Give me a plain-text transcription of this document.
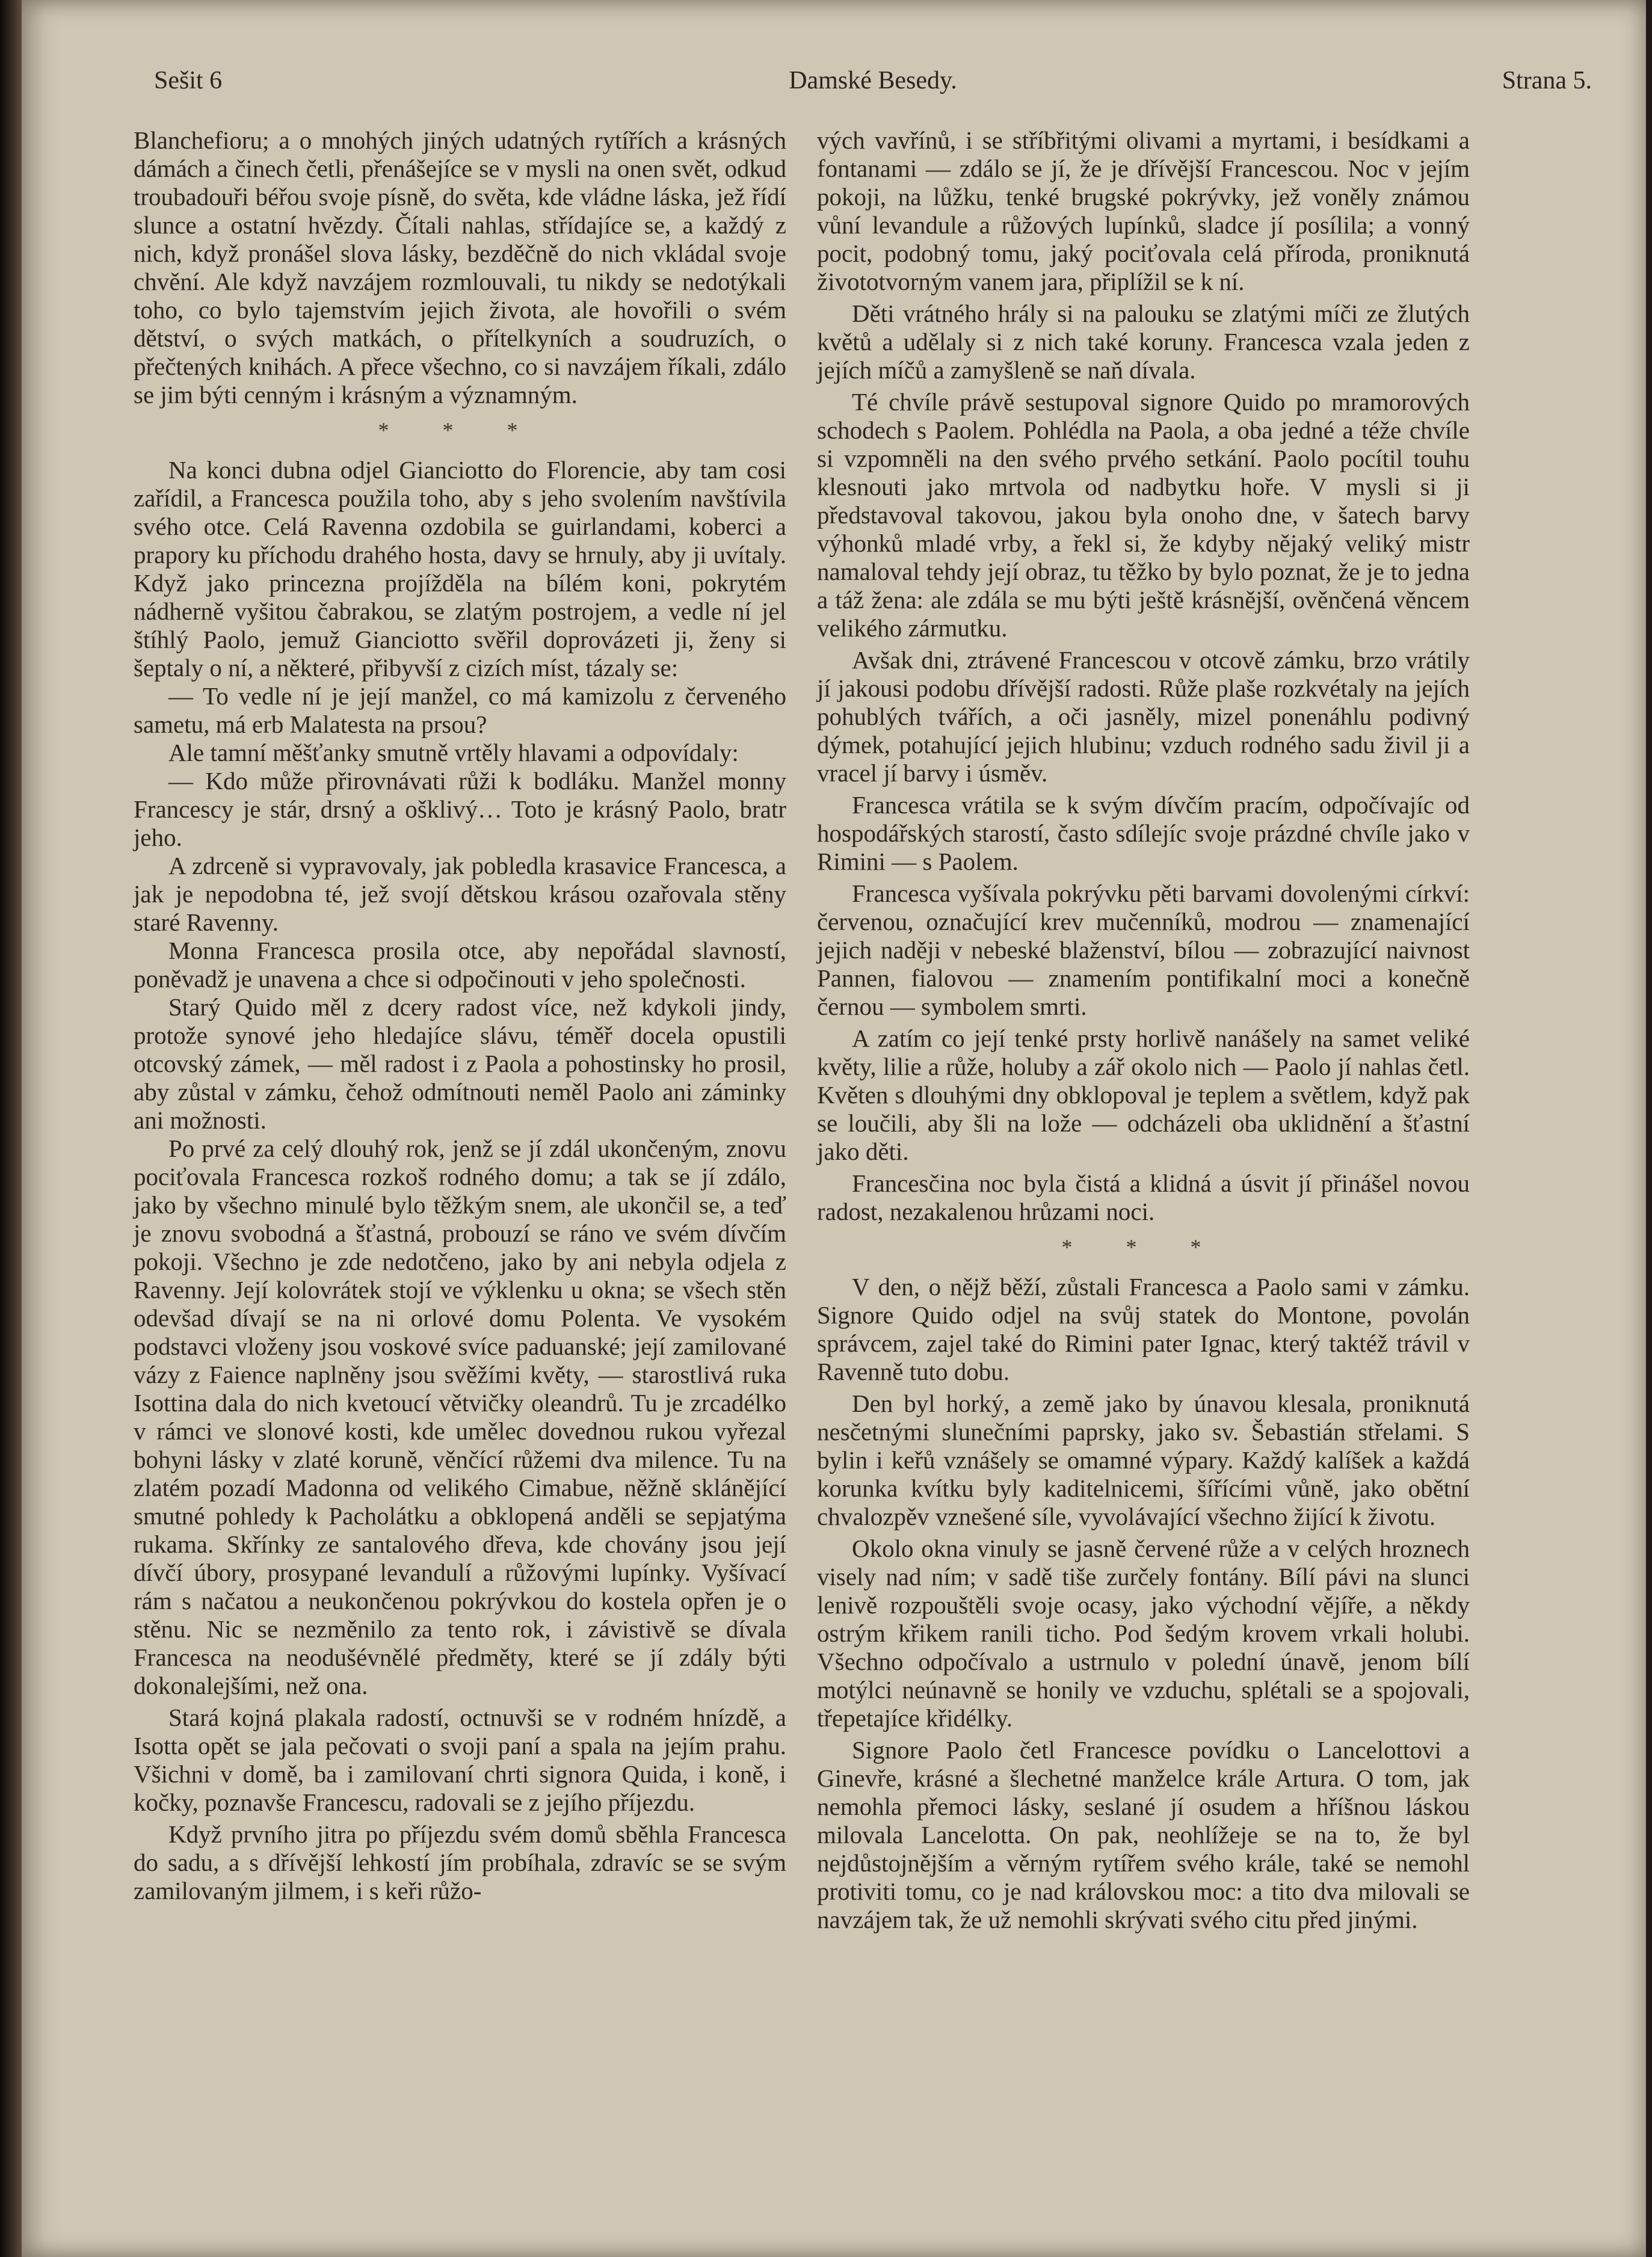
Sešit 6	Damské Besedy.	Strana 5.

Blanchefioru; a o mnohých jiných udatných rytířích a krásných dámách a činech četli, přenášejíce se v mysli na onen svět, odkud troubadouři béřou svoje písně, do světa, kde vládne láska, jež řídí slunce a ostatní hvězdy. Čítali nahlas, střídajíce se, a každý z nich, když pronášel slova lásky, bezděčně do nich vkládal svoje chvění. Ale když navzájem rozmlouvali, tu nikdy se nedotýkali toho, co bylo tajemstvím jejich života, ale hovořili o svém dětství, o svých matkách, o přítelkyních a soudruzích, o přečtených knihách. A přece všechno, co si navzájem říkali, zdálo se jim býti cenným i krásným a významným.

* * *

Na konci dubna odjel Gianciotto do Florencie, aby tam cosi zařídil, a Francesca použila toho, aby s jeho svolením navštívila svého otce. Celá Ravenna ozdobila se guirlandami, koberci a prapory ku příchodu drahého hosta, davy se hrnuly, aby ji uvítaly. Když jako princezna projížděla na bílém koni, pokrytém nádherně vyšitou čabrakou, se zlatým postrojem, a vedle ní jel štíhlý Paolo, jemuž Gianciotto svěřil doprovázeti ji, ženy si šeptaly o ní, a některé, přibyvší z cizích míst, tázaly se:

— To vedle ní je její manžel, co má kamizolu z červeného sametu, má erb Malatesta na prsou?

Ale tamní měšťanky smutně vrtěly hlavami a odpovídaly:

— Kdo může přirovnávati růži k bodláku. Manžel monny Francescy je stár, drsný a ošklivý… Toto je krásný Paolo, bratr jeho.

A zdrceně si vypravovaly, jak pobledla krasavice Francesca, a jak je nepodobna té, jež svojí dětskou krásou ozařovala stěny staré Ravenny.

Monna Francesca prosila otce, aby nepořádal slavností, poněvadž je unavena a chce si odpočinouti v jeho společnosti.

Starý Quido měl z dcery radost více, než kdykoli jindy, protože synové jeho hledajíce slávu, téměř docela opustili otcovský zámek, — měl radost i z Paola a pohostinsky ho prosil, aby zůstal v zámku, čehož odmítnouti neměl Paolo ani záminky ani možnosti.

Po prvé za celý dlouhý rok, jenž se jí zdál ukončeným, znovu pociťovala Francesca rozkoš rodného domu; a tak se jí zdálo, jako by všechno minulé bylo těžkým snem, ale ukončil se, a teď je znovu svobodná a šťastná, probouzí se ráno ve svém dívčím pokoji. Všechno je zde nedotčeno, jako by ani nebyla odjela z Ravenny. Její kolovrátek stojí ve výklenku u okna; se všech stěn odevšad dívají se na ni orlové domu Polenta. Ve vysokém podstavci vloženy jsou voskové svíce paduanské; její zamilované vázy z Faience naplněny jsou svěžími květy, — starostlivá ruka Isottina dala do nich kvetoucí větvičky oleandrů. Tu je zrcadélko v rámci ve slonové kosti, kde umělec dovednou rukou vyřezal bohyni lásky v zlaté koruně, věnčící růžemi dva milence. Tu na zlatém pozadí Madonna od velikého Cimabue, něžně sklánějící smutné pohledy k Pacholátku a obklopená anděli se sepjatýma rukama. Skřínky ze santalového dřeva, kde chovány jsou její dívčí úbory, prosypané levandulí a růžovými lupínky. Vyšívací rám s načatou a neukončenou pokrývkou do kostela opřen je o stěnu. Nic se nezměnilo za tento rok, i závistivě se dívala Francesca na neodušévnělé předměty, které se jí zdály býti dokonalejšími, než ona.

Stará kojná plakala radostí, octnuvši se v rodném hnízdě, a Isotta opět se jala pečovati o svoji paní a spala na jejím prahu. Všichni v domě, ba i zamilovaní chrti signora Quida, i koně, i kočky, poznavše Francescu, radovali se z jejího příjezdu.

Když prvního jitra po příjezdu svém domů sběhla Francesca do sadu, a s dřívější lehkostí jím probíhala, zdravíc se se svým zamilovaným jilmem, i s keři růžo-

vých vavřínů, i se stříbřitými olivami a myrtami, i besídkami a fontanami — zdálo se jí, že je dřívější Francescou. Noc v jejím pokoji, na lůžku, tenké brugské pokrývky, jež voněly známou vůní levandule a růžových lupínků, sladce jí posílila; a vonný pocit, podobný tomu, jaký pociťovala celá příroda, proniknutá živototvorným vanem jara, připlížil se k ní.

Děti vrátného hrály si na palouku se zlatými míči ze žlutých květů a udělaly si z nich také koruny. Francesca vzala jeden z jejích míčů a zamyšleně se naň dívala.

Té chvíle právě sestupoval signore Quido po mramorových schodech s Paolem. Pohlédla na Paola, a oba jedné a téže chvíle si vzpomněli na den svého prvého setkání. Paolo pocítil touhu klesnouti jako mrtvola od nadbytku hoře. V mysli si ji představoval takovou, jakou byla onoho dne, v šatech barvy výhonků mladé vrby, a řekl si, že kdyby nějaký veliký mistr namaloval tehdy její obraz, tu těžko by bylo poznat, že je to jedna a táž žena: ale zdála se mu býti ještě krásnější, ověnčená věncem velikého zármutku.

Avšak dni, ztrávené Francescou v otcově zámku, brzo vrátily jí jakousi podobu dřívější radosti. Růže plaše rozkvétaly na jejích pohublých tvářích, a oči jasněly, mizel ponenáhlu podivný dýmek, potahující jejich hlubinu; vzduch rodného sadu živil ji a vracel jí barvy i úsměv.

Francesca vrátila se k svým dívčím pracím, odpočívajíc od hospodářských starostí, často sdílejíc svoje prázdné chvíle jako v Rimini — s Paolem.

Francesca vyšívala pokrývku pěti barvami dovolenými církví: červenou, označující krev mučenníků, modrou — znamenající jejich naději v nebeské blaženství, bílou — zobrazující naivnost Pannen, fialovou — znamením pontifikalní moci a konečně černou — symbolem smrti.

A zatím co její tenké prsty horlivě nanášely na samet veliké květy, lilie a růže, holuby a zář okolo nich — Paolo jí nahlas četl. Květen s dlouhými dny obklopoval je teplem a světlem, když pak se loučili, aby šli na lože — odcházeli oba uklidnění a šťastní jako děti.

Francesčina noc byla čistá a klidná a úsvit jí přinášel novou radost, nezakalenou hrůzami noci.

* * *

V den, o nějž běží, zůstali Francesca a Paolo sami v zámku. Signore Quido odjel na svůj statek do Montone, povolán správcem, zajel také do Rimini pater Ignac, který taktéž trávil v Ravenně tuto dobu.

Den byl horký, a země jako by únavou klesala, proniknutá nesčetnými slunečními paprsky, jako sv. Šebastián střelami. S bylin i keřů vznášely se omamné výpary. Každý kalíšek a každá korunka kvítku byly kaditelnicemi, šířícími vůně, jako obětní chvalozpěv vznešené síle, vyvolávající všechno žijící k životu.

Okolo okna vinuly se jasně červené růže a v celých hroznech visely nad ním; v sadě tiše zurčely fontány. Bílí pávi na slunci lenivě rozpouštěli svoje ocasy, jako východní vějíře, a někdy ostrým křikem ranili ticho. Pod šedým krovem vrkali holubi. Všechno odpočívalo a ustrnulo v polední únavě, jenom bílí motýlci neúnavně se honily ve vzduchu, splétali se a spojovali, třepetajíce křidélky.

Signore Paolo četl Francesce povídku o Lancelottovi a Ginevře, krásné a šlechetné manželce krále Artura. O tom, jak nemohla přemoci lásky, seslané jí osudem a hříšnou láskou milovala Lancelotta. On pak, neohlížeje se na to, že byl nejdůstojnějším a věrným rytířem svého krále, také se nemohl protiviti tomu, co je nad královskou moc: a tito dva milovali se navzájem tak, že už nemohli skrývati svého citu před jinými.
